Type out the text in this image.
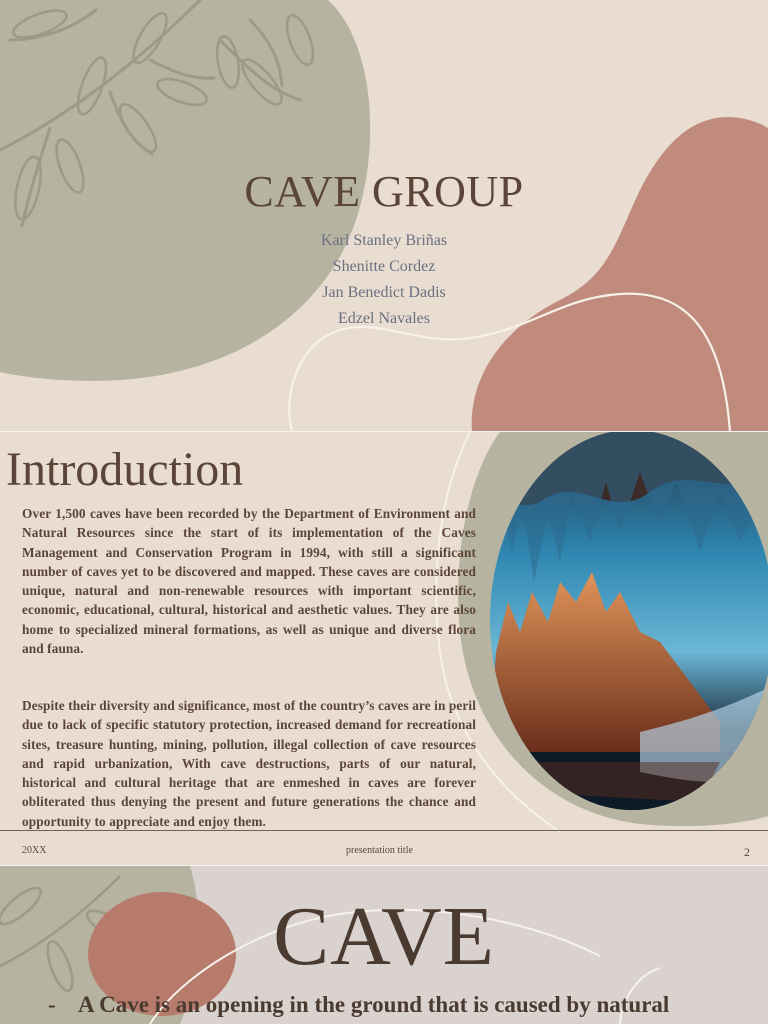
CAVE GROUP
Karl Stanley Briñas
Shenitte Cordez
Jan Benedict Dadis
Edzel Navales
Introduction

Over 1,500 caves have been recorded by the Department of Environment and Natural Resources since the start of its implementation of the Caves Management and Conservation Program in 1994, with still a significant number of caves yet to be discovered and mapped. These caves are considered unique, natural and non-renewable resources with important scientific, economic, educational, cultural, historical and aesthetic values. They are also home to specialized mineral formations, as well as unique and diverse flora and fauna.

Despite their diversity and significance, most of the country’s caves are in peril due to lack of specific statutory protection, increased demand for recreational sites, treasure hunting, mining, pollution, illegal collection of cave resources and rapid urbanization, With cave destructions, parts of our natural, historical and cultural heritage that are enmeshed in caves are forever obliterated thus denying the present and future generations the chance and opportunity to appreciate and enjoy them.

20XX	presentation title	2
CAVE
- A Cave is an opening in the ground that is caused by natural
